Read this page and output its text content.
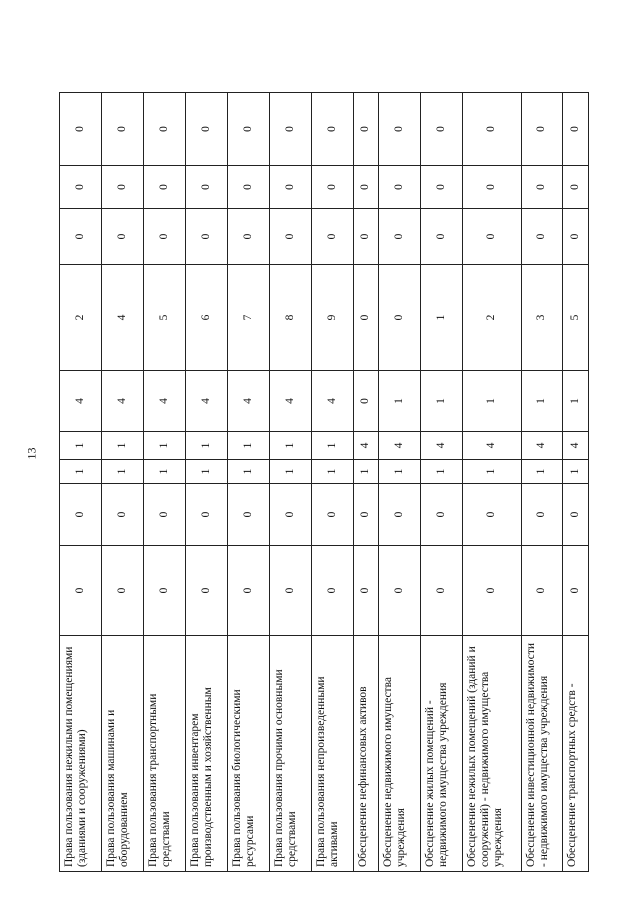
13
Права пользования нежилыми помещениями (зданиями и сооружениями)	0	0	1	1	4	2	0	0	0
Права пользования машинами и оборудованием	0	0	1	1	4	4	0	0	0
Права пользования транспортными средствами	0	0	1	1	4	5	0	0	0
Права пользования инвентарем производственным и хозяйственным	0	0	1	1	4	6	0	0	0
Права пользования биологическими ресурсами	0	0	1	1	4	7	0	0	0
Права пользования прочими основными средствами	0	0	1	1	4	8	0	0	0
Права пользования непроизведенными активами	0	0	1	1	4	9	0	0	0
Обесценение нефинансовых активов	0	0	1	4	0	0	0	0	0
Обесценение недвижимого имущества учреждения	0	0	1	4	1	0	0	0	0
Обесценение жилых помещений - недвижимого имущества учреждения	0	0	1	4	1	1	0	0	0
Обесценение нежилых помещений (зданий и сооружений) - недвижимого имущества учреждения	0	0	1	4	1	2	0	0	0
Обесценение инвестиционной недвижимости - недвижимого имущества учреждения	0	0	1	4	1	3	0	0	0
Обесценение транспортных средств -	0	0	1	4	1	5	0	0	0
